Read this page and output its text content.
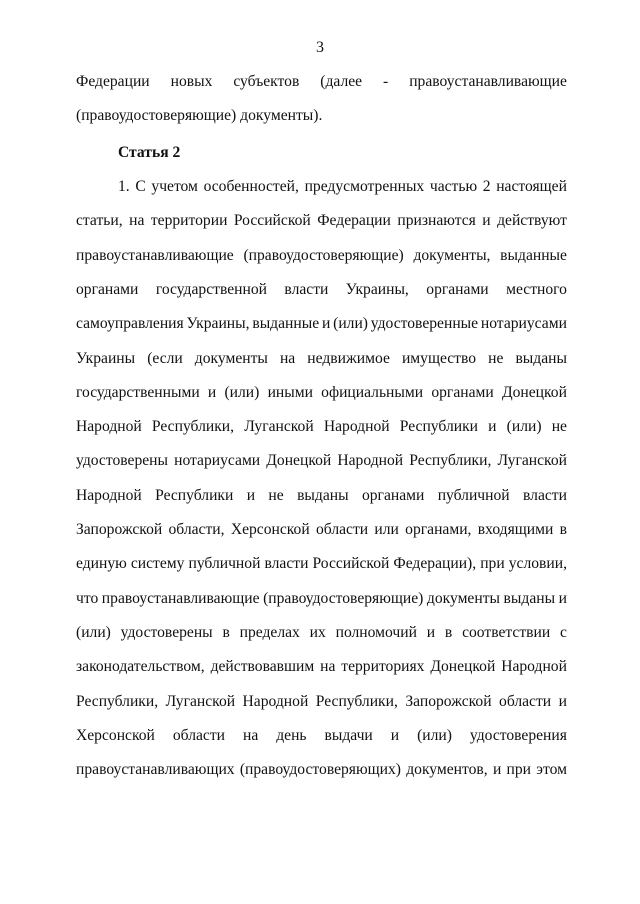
3
Федерации новых субъектов (далее - правоустанавливающие
(правоудостоверяющие) документы).
Статья 2
1. С учетом особенностей, предусмотренных частью 2 настоящей
статьи, на территории Российской Федерации признаются и действуют
правоустанавливающие (правоудостоверяющие) документы, выданные
органами государственной власти Украины, органами местного
самоуправления Украины, выданные и (или) удостоверенные нотариусами
Украины (если документы на недвижимое имущество не выданы
государственными и (или) иными официальными органами Донецкой
Народной Республики, Луганской Народной Республики и (или) не
удостоверены нотариусами Донецкой Народной Республики, Луганской
Народной Республики и не выданы органами публичной власти
Запорожской области, Херсонской области или органами, входящими в
единую систему публичной власти Российской Федерации), при условии,
что правоустанавливающие (правоудостоверяющие) документы выданы и
(или) удостоверены в пределах их полномочий и в соответствии с
законодательством, действовавшим на территориях Донецкой Народной
Республики, Луганской Народной Республики, Запорожской области и
Херсонской области на день выдачи и (или) удостоверения
правоустанавливающих (правоудостоверяющих) документов, и при этом
